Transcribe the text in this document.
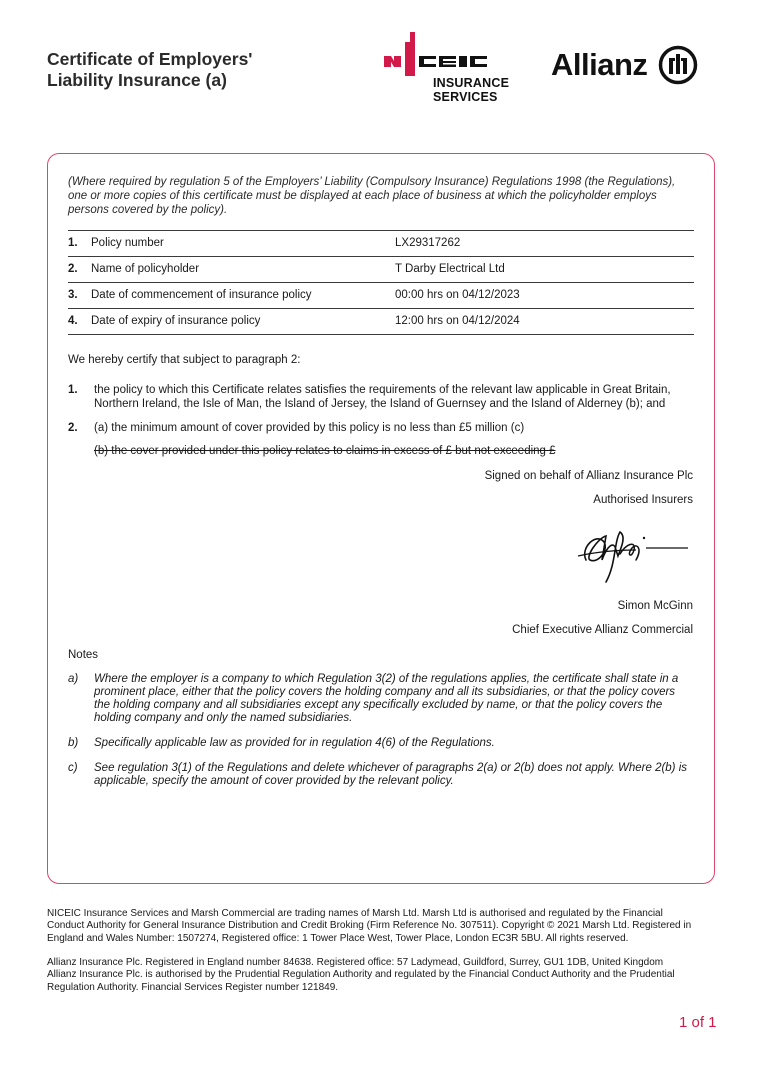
Certificate of Employers'
Liability Insurance (a)	INSURANCE
SERVICES
Allianz
(Where required by regulation 5 of the Employers’ Liability (Compulsory Insurance) Regulations 1998 (the Regulations), one or more copies of this certificate must be displayed at each place of business at which the policyholder employs persons covered by the policy).
1. Policy number	LX29317262
2. Name of policyholder	T Darby Electrical Ltd
3. Date of commencement of insurance policy	00:00 hrs on 04/12/2023
4. Date of expiry of insurance policy	12:00 hrs on 04/12/2024
We hereby certify that subject to paragraph 2:
1. the policy to which this Certificate relates satisfies the requirements of the relevant law applicable in Great Britain,
Northern Ireland, the Isle of Man, the Island of Jersey, the Island of Guernsey and the Island of Alderney (b); and
2. (a) the minimum amount of cover provided by this policy is no less than £5 million (c)
(b) the cover provided under this policy relates to claims in excess of £ but not exceeding £
Signed on behalf of Allianz Insurance Plc
Authorised Insurers
Simon McGinn
Chief Executive Allianz Commercial
Notes
a) Where the employer is a company to which Regulation 3(2) of the regulations applies, the certificate shall state in a
prominent place, either that the policy covers the holding company and all its subsidiaries, or that the policy covers
the holding company and all subsidiaries except any specifically excluded by name, or that the policy covers the
holding company and only the named subsidiaries.
b) Specifically applicable law as provided for in regulation 4(6) of the Regulations.
c) See regulation 3(1) of the Regulations and delete whichever of paragraphs 2(a) or 2(b) does not apply. Where 2(b) is
applicable, specify the amount of cover provided by the relevant policy.
NICEIC Insurance Services and Marsh Commercial are trading names of Marsh Ltd. Marsh Ltd is authorised and regulated by the Financial
Conduct Authority for General Insurance Distribution and Credit Broking (Firm Reference No. 307511). Copyright © 2021 Marsh Ltd. Registered in
England and Wales Number: 1507274, Registered office: 1 Tower Place West, Tower Place, London EC3R 5BU. All rights reserved.
Allianz Insurance Plc. Registered in England number 84638. Registered office: 57 Ladymead, Guildford, Surrey, GU1 1DB, United Kingdom
Allianz Insurance Plc. is authorised by the Prudential Regulation Authority and regulated by the Financial Conduct Authority and the Prudential
Regulation Authority. Financial Services Register number 121849.
1 of 1
